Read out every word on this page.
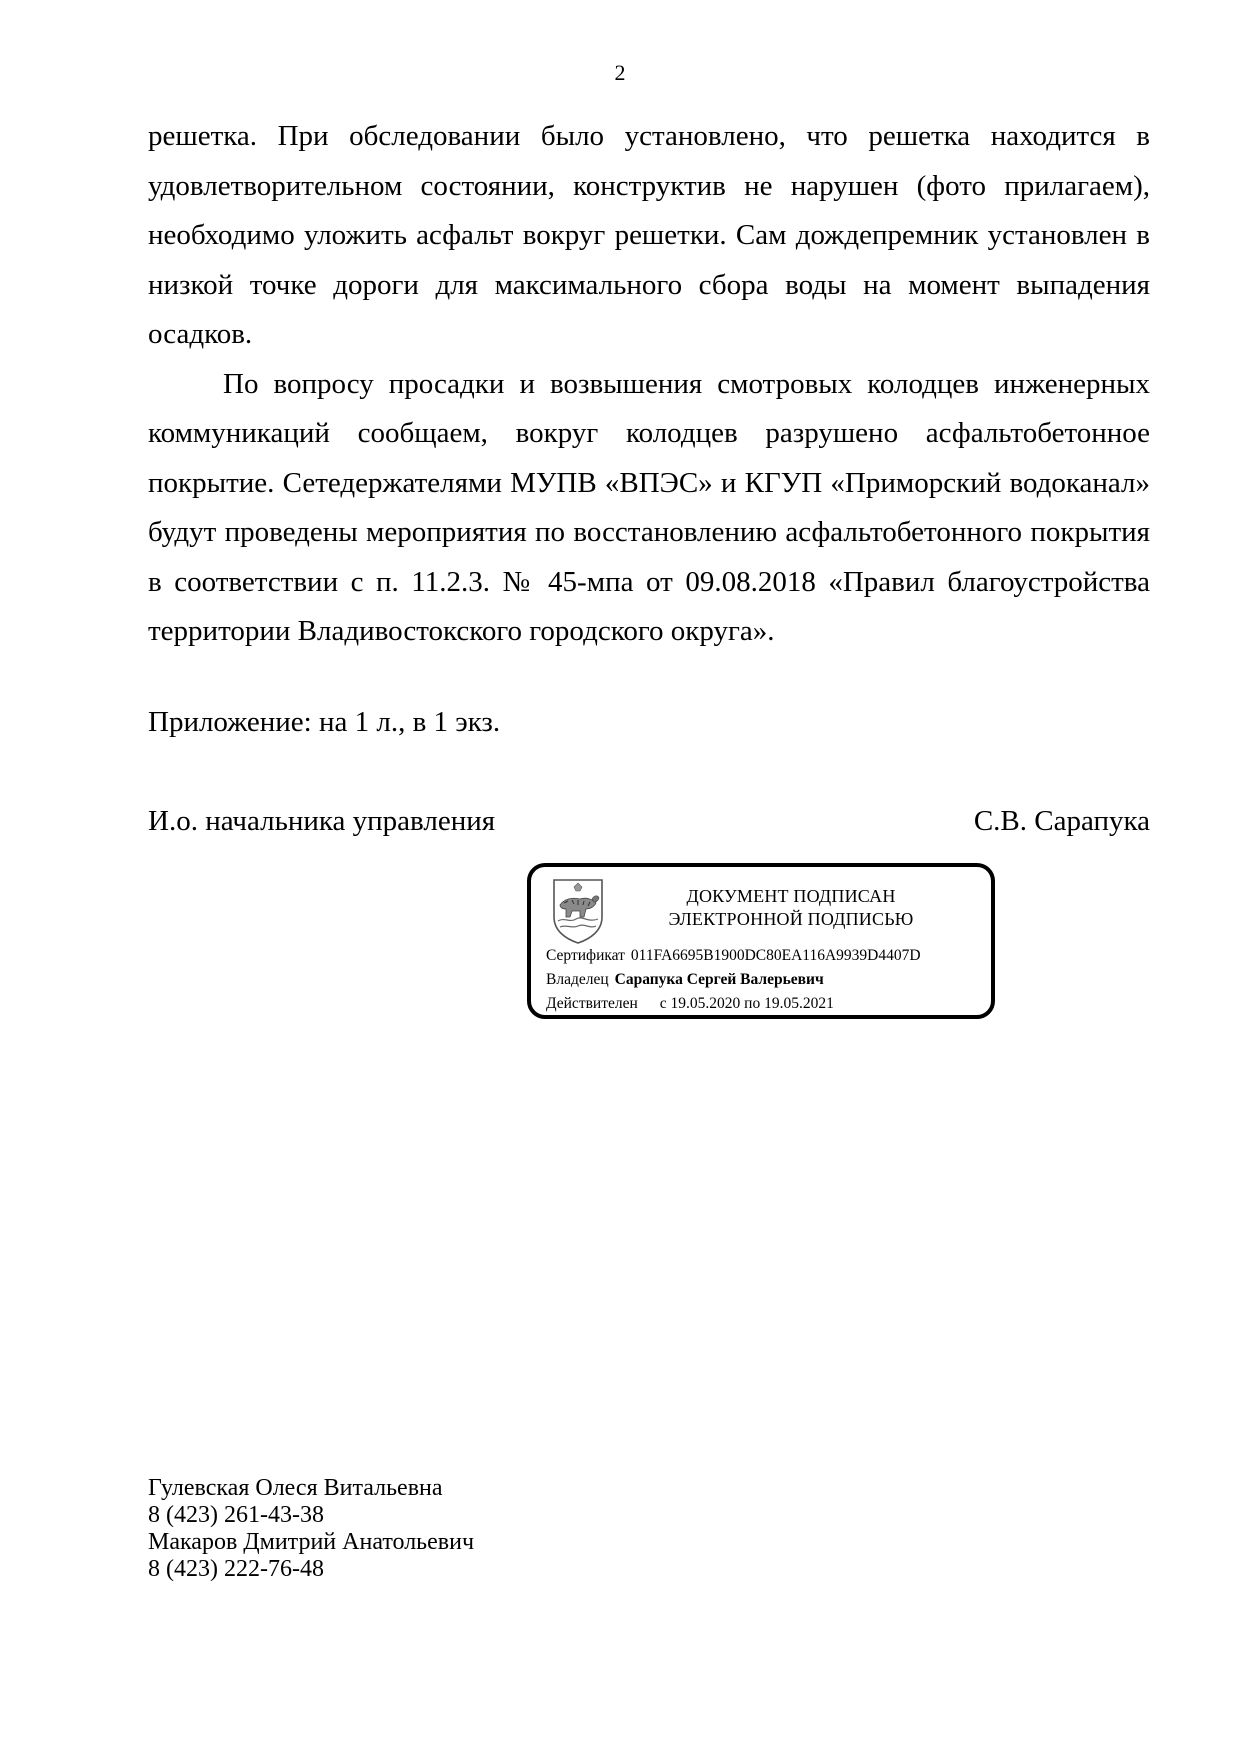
2

решетка. При обследовании было установлено, что решетка находится в удовлетворительном состоянии, конструктив не нарушен (фото прилагаем), необходимо уложить асфальт вокруг решетки. Сам дождепремник установлен в низкой точке дороги для максимального сбора воды на момент выпадения осадков.

По вопросу просадки и возвышения смотровых колодцев инженерных коммуникаций сообщаем, вокруг колодцев разрушено асфальтобетонное покрытие. Сетедержателями МУПВ «ВПЭС» и КГУП «Приморский водоканал» будут проведены мероприятия по восстановлению асфальтобетонного покрытия в соответствии с п. 11.2.3. № 45-мпа от 09.08.2018 «Правил благоустройства территории Владивостокского городского округа».

Приложение: на 1 л., в 1 экз.
И.о. начальника управления	С.В. Сарапука
ДОКУМЕНТ ПОДПИСАН
ЭЛЕКТРОННОЙ ПОДПИСЬЮ
Сертификат 011FA6695B1900DC80EA116A9939D4407D
Владелец Сарапука Сергей Валерьевич
Действителен с 19.05.2020 по 19.05.2021
Гулевская Олеся Витальевна
8 (423) 261-43-38
Макаров Дмитрий Анатольевич
8 (423) 222-76-48
